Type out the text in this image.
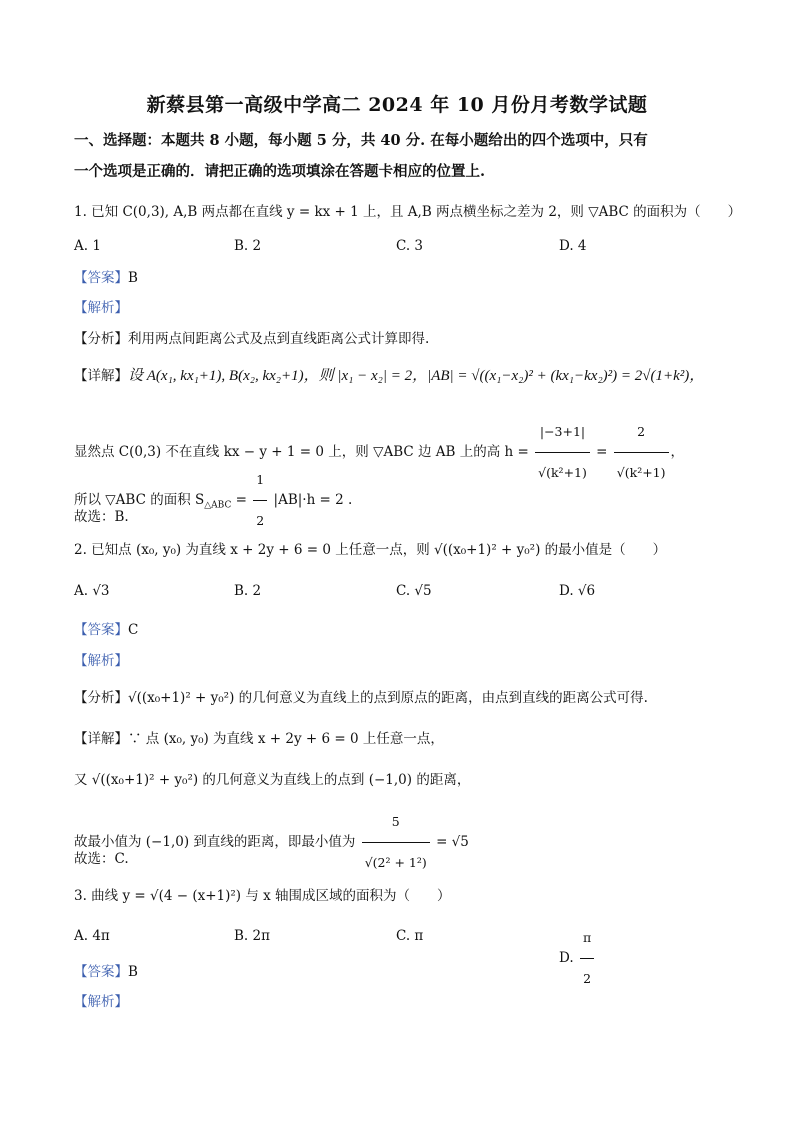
新蔡县第一高级中学高二 2024 年 10 月份月考数学试题
一、选择题：本题共 8 小题，每小题 5 分，共 40 分. 在每小题给出的四个选项中，只有
一个选项是正确的．请把正确的选项填涂在答题卡相应的位置上.
1. 已知 C(0,3), A,B 两点都在直线 y = kx + 1 上，且 A,B 两点横坐标之差为 2，则 ▽ABC 的面积为（　　）
A. 1	B. 2	C. 3	D. 4
【答案】B
【解析】
【分析】利用两点间距离公式及点到直线距离公式计算即得.
【详解】设 A(x₁, kx₁+1), B(x₂, kx₂+1)，则 |x₁ − x₂| = 2，|AB| = √((x₁−x₂)² + (kx₁−kx₂)²) = 2√(1+k²)，
显然点 C(0,3) 不在直线 kx − y + 1 = 0 上，则 ▽ABC 边 AB 上的高 $h = \frac{|-3+1|}{\text{√(k²+1)}} = \frac{2}{\text{√(k²+1)}}$ ，
所以 ▽ABC 的面积 $S_{\triangle ABC} = \frac{1}{2} |AB|\cdot h = 2$ .
故选：B.
2. 已知点 (x₀, y₀) 为直线 x + 2y + 6 = 0 上任意一点，则 √((x₀+1)² + y₀²) 的最小值是（　　）
A. √3	B. 2	C. √5	D. √6
【答案】C
【解析】
【分析】√((x₀+1)² + y₀²) 的几何意义为直线上的点到原点的距离，由点到直线的距离公式可得.
【详解】∵ 点 (x₀, y₀) 为直线 x + 2y + 6 = 0 上任意一点，
又 √((x₀+1)² + y₀²) 的几何意义为直线上的点到 (−1,0) 的距离，
故最小值为 (−1,0) 到直线的距离，即最小值为 $\frac{5}{\text{√(2² + 1²)}} = √5$
故选：C.
3. 曲线 y = √(4 − (x+1)²) 与 x 轴围成区域的面积为（　　）
A. 4π	B. 2π	C. π
D. $\frac{\pi}{2}$
【答案】B
【解析】
